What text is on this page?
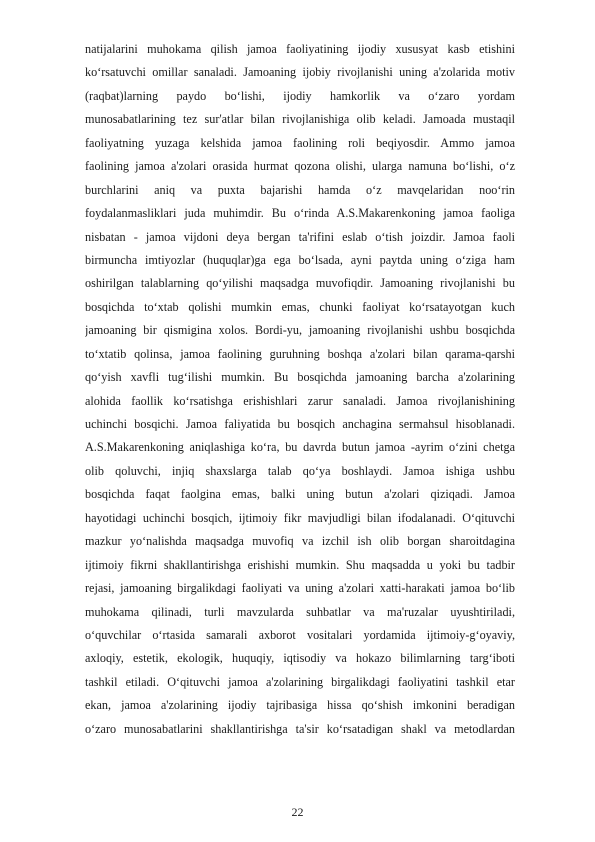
natijalarini muhokama qilish jamoa faoliyatining ijodiy xususyat kasb etishini
ko‘rsatuvchi omillar sanaladi. Jamoaning ijobiy rivojlanishi uning a'zolarida motiv
(raqbat)larning paydo bo‘lishi, ijodiy hamkorlik va o‘zaro yordam
munosabatlarining tez sur'atlar bilan rivojlanishiga olib keladi. Jamoada mustaqil
faoliyatning yuzaga kelshida jamoa faolining roli beqiyosdir. Ammo jamoa
faolining jamoa a'zolari orasida hurmat qozona olishi, ularga namuna bo‘lishi, o‘z
burchlarini aniq va puxta bajarishi hamda o‘z mavqelaridan noo‘rin
foydalanmasliklari juda muhimdir. Bu o‘rinda A.S.Makarenkoning jamoa faoliga
nisbatan - jamoa vijdoni deya bergan ta'rifini eslab o‘tish joizdir. Jamoa faoli
birmuncha imtiyozlar (huquqlar)ga ega bo‘lsada, ayni paytda uning o‘ziga ham
oshirilgan talablarning qo‘yilishi maqsadga muvofiqdir. Jamoaning rivojlanishi bu
bosqichda to‘xtab qolishi mumkin emas, chunki faoliyat ko‘rsatayotgan kuch
jamoaning bir qismigina xolos. Bordi-yu, jamoaning rivojlanishi ushbu bosqichda
to‘xtatib qolinsa, jamoa faolining guruhning boshqa a'zolari bilan qarama-qarshi
qo‘yish xavfli tug‘ilishi mumkin. Bu bosqichda jamoaning barcha a'zolarining
alohida faollik ko‘rsatishga erishishlari zarur sanaladi. Jamoa rivojlanishining
uchinchi bosqichi. Jamoa faliyatida bu bosqich anchagina sermahsul hisoblanadi.
A.S.Makarenkoning aniqlashiga ko‘ra, bu davrda butun jamoa -ayrim o‘zini chetga
olib qoluvchi, injiq shaxslarga talab qo‘ya boshlaydi. Jamoa ishiga ushbu
bosqichda faqat faolgina emas, balki uning butun a'zolari qiziqadi. Jamoa
hayotidagi uchinchi bosqich, ijtimoiy fikr mavjudligi bilan ifodalanadi. O‘qituvchi
mazkur yo‘nalishda maqsadga muvofiq va izchil ish olib borgan sharoitdagina
ijtimoiy fikrni shakllantirishga erishishi mumkin. Shu maqsadda u yoki bu tadbir
rejasi, jamoaning birgalikdagi faoliyati va uning a'zolari xatti-harakati jamoa bo‘lib
muhokama qilinadi, turli mavzularda suhbatlar va ma'ruzalar uyushtiriladi,
o‘quvchilar o‘rtasida samarali axborot vositalari yordamida ijtimoiy-g‘oyaviy,
axloqiy, estetik, ekologik, huquqiy, iqtisodiy va hokazo bilimlarning targ‘iboti
tashkil etiladi. O‘qituvchi jamoa a'zolarining birgalikdagi faoliyatini tashkil etar
ekan, jamoa a'zolarining ijodiy tajribasiga hissa qo‘shish imkonini beradigan
o‘zaro munosabatlarini shakllantirishga ta'sir ko‘rsatadigan shakl va metodlardan
22
